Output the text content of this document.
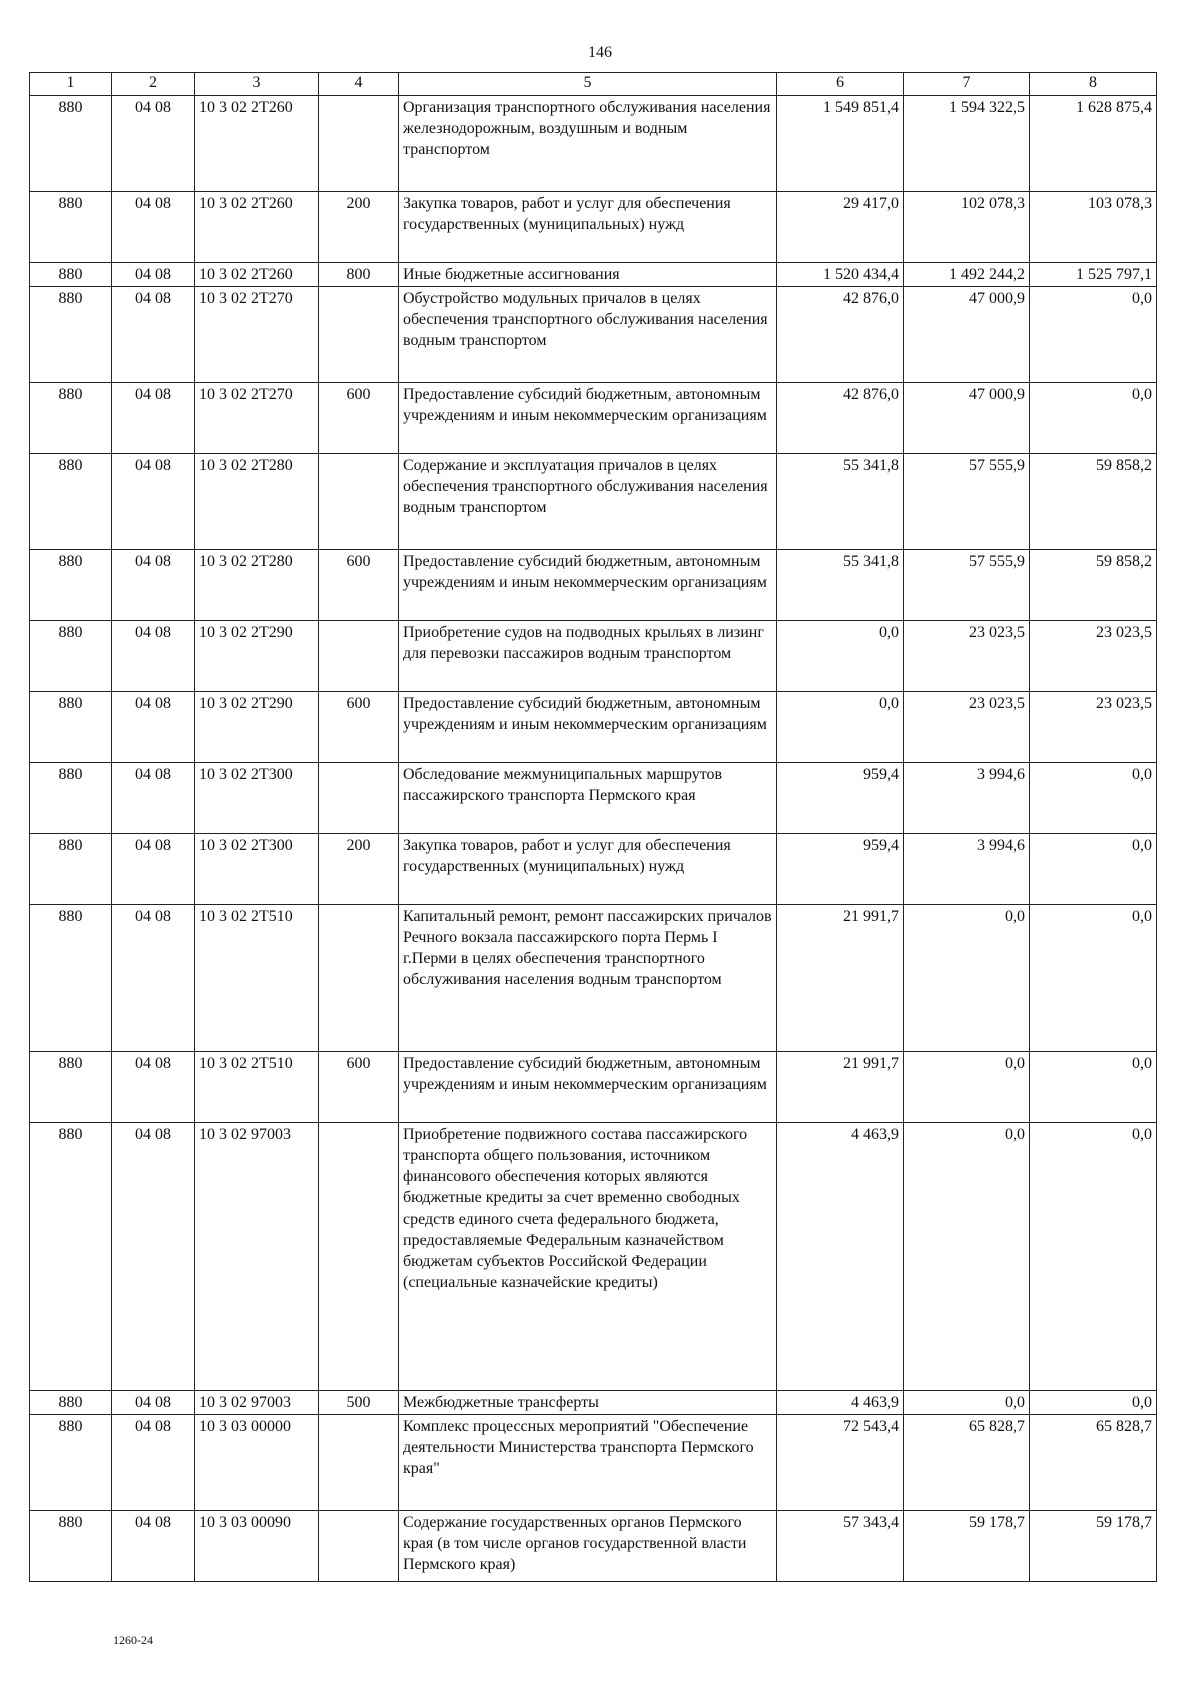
146
1	2	3	4	5	6	7	8
880	04 08	10 3 02 2Т260		Организация транспортного обслуживания населения железнодорожным, воздушным и водным транспортом	1 549 851,4	1 594 322,5	1 628 875,4
880	04 08	10 3 02 2Т260	200	Закупка товаров, работ и услуг для обеспечения государственных (муниципальных) нужд	29 417,0	102 078,3	103 078,3
880	04 08	10 3 02 2Т260	800	Иные бюджетные ассигнования	1 520 434,4	1 492 244,2	1 525 797,1
880	04 08	10 3 02 2Т270		Обустройство модульных причалов в целях обеспечения транспортного обслуживания населения водным транспортом	42 876,0	47 000,9	0,0
880	04 08	10 3 02 2Т270	600	Предоставление субсидий бюджетным, автономным учреждениям и иным некоммерческим организациям	42 876,0	47 000,9	0,0
880	04 08	10 3 02 2Т280		Содержание и эксплуатация причалов в целях обеспечения транспортного обслуживания населения водным транспортом	55 341,8	57 555,9	59 858,2
880	04 08	10 3 02 2Т280	600	Предоставление субсидий бюджетным, автономным учреждениям и иным некоммерческим организациям	55 341,8	57 555,9	59 858,2
880	04 08	10 3 02 2Т290		Приобретение судов на подводных крыльях в лизинг для перевозки пассажиров водным транспортом	0,0	23 023,5	23 023,5
880	04 08	10 3 02 2Т290	600	Предоставление субсидий бюджетным, автономным учреждениям и иным некоммерческим организациям	0,0	23 023,5	23 023,5
880	04 08	10 3 02 2Т300		Обследование межмуниципальных маршрутов пассажирского транспорта Пермского края	959,4	3 994,6	0,0
880	04 08	10 3 02 2Т300	200	Закупка товаров, работ и услуг для обеспечения государственных (муниципальных) нужд	959,4	3 994,6	0,0
880	04 08	10 3 02 2Т510		Капитальный ремонт, ремонт пассажирских причалов Речного вокзала пассажирского порта Пермь I г.Перми в целях обеспечения транспортного обслуживания населения водным транспортом	21 991,7	0,0	0,0
880	04 08	10 3 02 2Т510	600	Предоставление субсидий бюджетным, автономным учреждениям и иным некоммерческим организациям	21 991,7	0,0	0,0
880	04 08	10 3 02 97003		Приобретение подвижного состава пассажирского транспорта общего пользования, источником финансового обеспечения которых являются бюджетные кредиты за счет временно свободных средств единого счета федерального бюджета, предоставляемые Федеральным казначейством бюджетам субъектов Российской Федерации (специальные казначейские кредиты)	4 463,9	0,0	0,0
880	04 08	10 3 02 97003	500	Межбюджетные трансферты	4 463,9	0,0	0,0
880	04 08	10 3 03 00000		Комплекс процессных мероприятий "Обеспечение деятельности Министерства транспорта Пермского края"	72 543,4	65 828,7	65 828,7
880	04 08	10 3 03 00090		Содержание государственных органов Пермского края (в том числе органов государственной власти Пермского края)	57 343,4	59 178,7	59 178,7
1260-24
